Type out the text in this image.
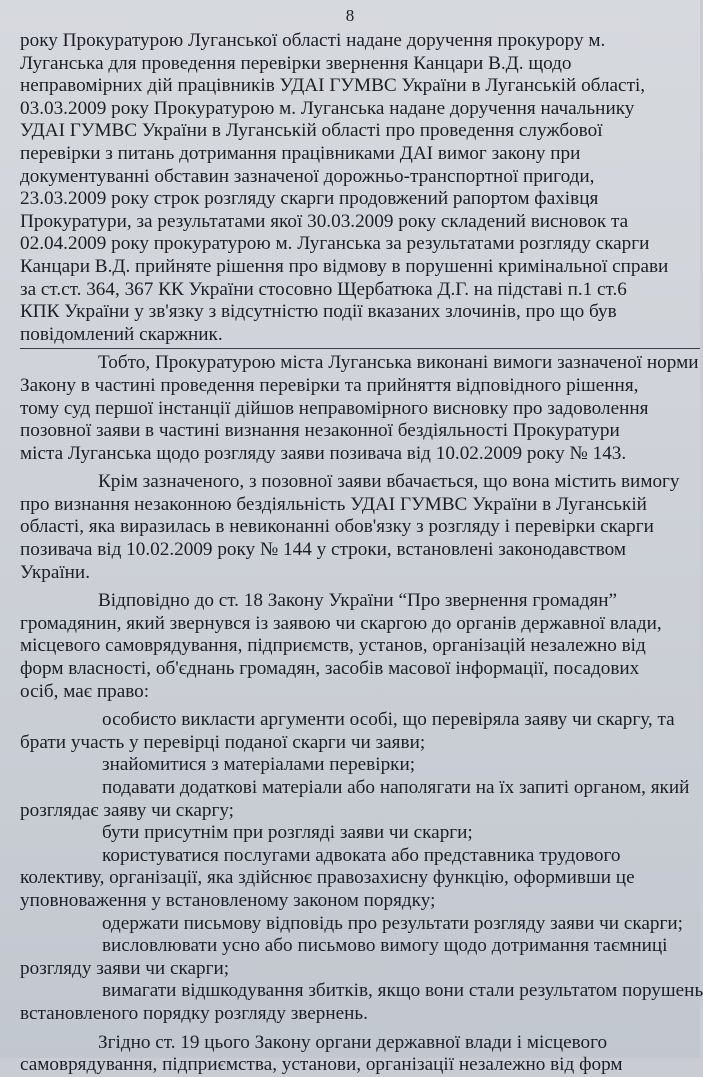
8

року Прокуратурою Луганської області надане доручення прокурору м.
Луганська для проведення перевірки звернення Канцари В.Д. щодо
неправомірних дій працівників УДАІ ГУМВС України в Луганській області,
03.03.2009 року Прокуратурою м. Луганська надане доручення начальнику
УДАІ ГУМВС України в Луганській області про проведення службової
перевірки з питань дотримання працівниками ДАІ вимог закону при
документуванні обставин зазначеної дорожньо-транспортної пригоди,
23.03.2009 року строк розгляду скарги продовжений рапортом фахівця
Прокуратури, за результатами якої 30.03.2009 року складений висновок та
02.04.2009 року прокуратурою м. Луганська за результатами розгляду скарги
Канцари В.Д. прийняте рішення про відмову в порушенні кримінальної справи
за ст.ст. 364, 367 КК України стосовно Щербатюка Д.Г. на підставі п.1 ст.6
КПК України у зв'язку з відсутністю події вказаних злочинів, про що був
повідомлений скаржник.

Тобто, Прокуратурою міста Луганська виконані вимоги зазначеної норми
Закону в частині проведення перевірки та прийняття відповідного рішення,
тому суд першої інстанції дійшов неправомірного висновку про задоволення
позовної заяви в частині визнання незаконної бездіяльності Прокуратури
міста Луганська щодо розгляду заяви позивача від 10.02.2009 року № 143.

Крім зазначеного, з позовної заяви вбачається, що вона містить вимогу
про визнання незаконною бездіяльність УДАІ ГУМВС України в Луганській
області, яка виразилась в невиконанні обов'язку з розгляду і перевірки скарги
позивача від 10.02.2009 року № 144 у строки, встановлені законодавством
України.

Відповідно до ст. 18 Закону України “Про звернення громадян”
громадянин, який звернувся із заявою чи скаргою до органів державної влади,
місцевого самоврядування, підприємств, установ, організацій незалежно від
форм власності, об'єднань громадян, засобів масової інформації, посадових
осіб, має право:

особисто викласти аргументи особі, що перевіряла заяву чи скаргу, та
брати участь у перевірці поданої скарги чи заяви;
знайомитися з матеріалами перевірки;
подавати додаткові матеріали або наполягати на їх запиті органом, який
розглядає заяву чи скаргу;
бути присутнім при розгляді заяви чи скарги;
користуватися послугами адвоката або представника трудового
колективу, організації, яка здійснює правозахисну функцію, оформивши це
уповноваження у встановленому законом порядку;
одержати письмову відповідь про результати розгляду заяви чи скарги;
висловлювати усно або письмово вимогу щодо дотримання таємниці
розгляду заяви чи скарги;
вимагати відшкодування збитків, якщо вони стали результатом порушень
встановленого порядку розгляду звернень.

Згідно ст. 19 цього Закону органи державної влади і місцевого
самоврядування, підприємства, установи, організації незалежно від форм
